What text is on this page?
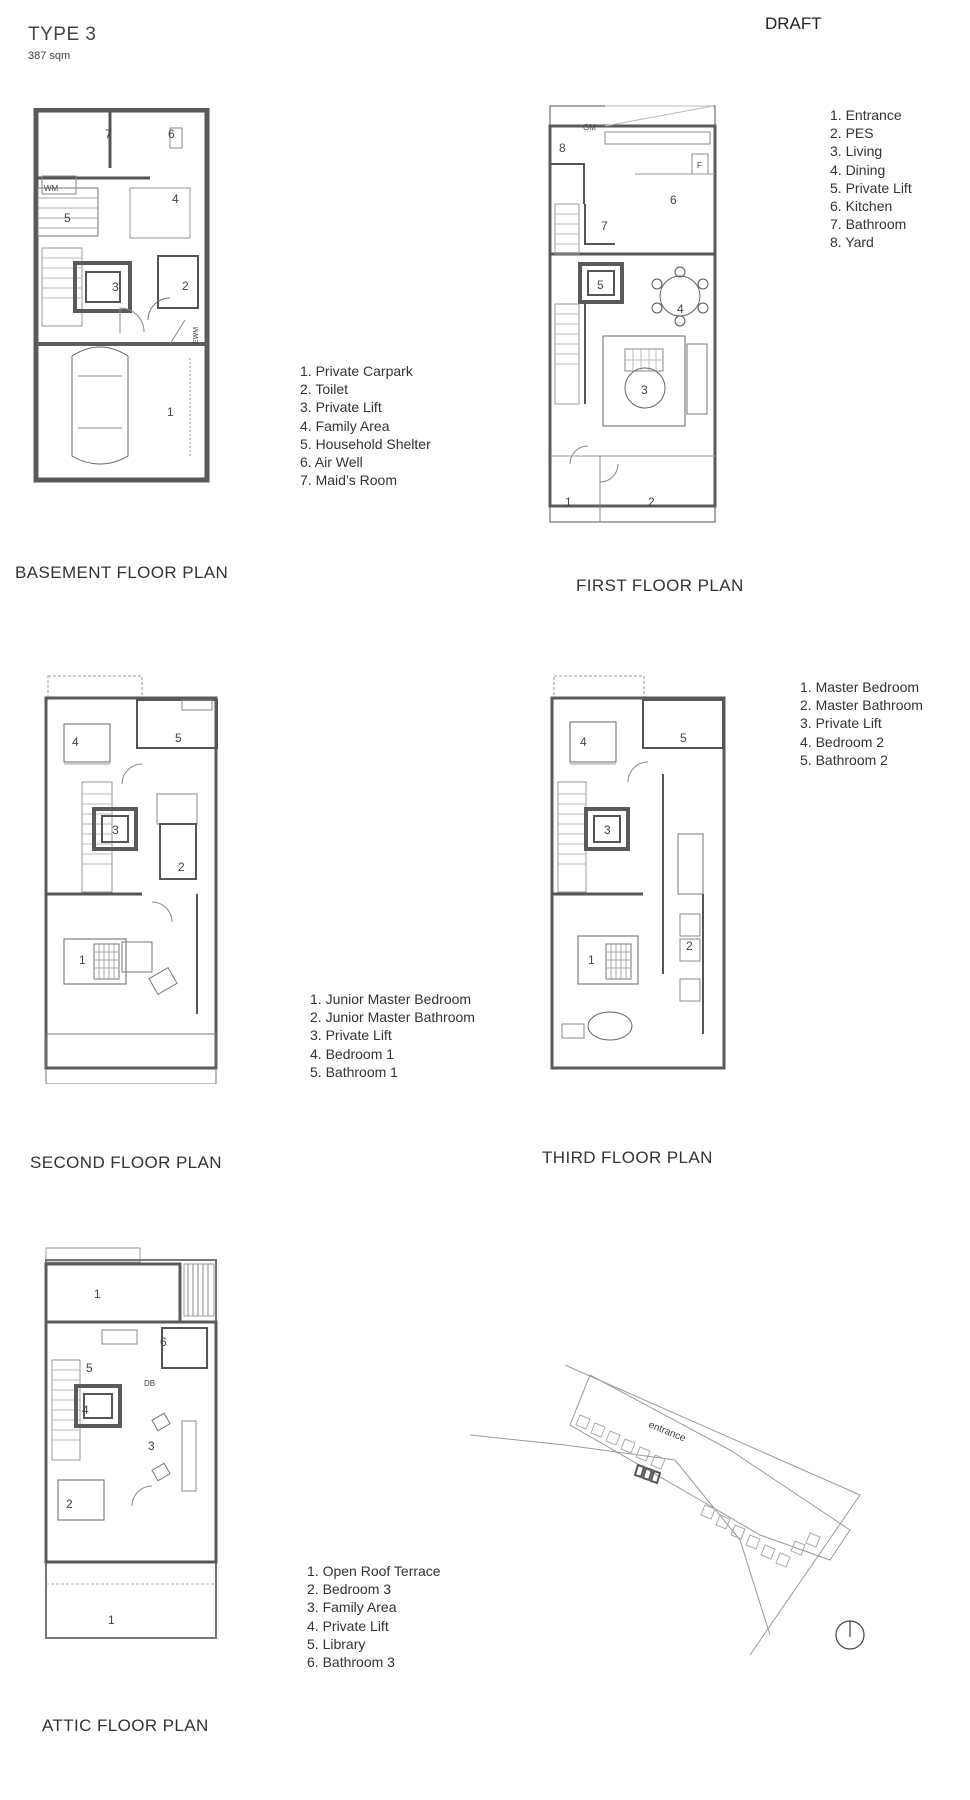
TYPE 3
387 sqm
DRAFT
7	6
4
5
3	2
1
WM
EWM
1. Private Carpark
2. Toilet
3. Private Lift
4. Family Area
5. Household Shelter
6. Air Well
7. Maid’s Room
BASEMENT FLOOR PLAN
4
3
5
6
7
8
1	2
GM
F
1. Entrance
2. PES
3. Living
4. Dining
5. Private Lift
6. Kitchen
7. Bathroom
8. Yard
FIRST FLOOR PLAN
4	5
3
2
1
1. Junior Master Bedroom
2. Junior Master Bathroom
3. Private Lift
4. Bedroom 1
5. Bathroom 1
SECOND FLOOR PLAN
4	5
3
2
1
1. Master Bedroom
2. Master Bathroom
3. Private Lift
4. Bedroom 2
5. Bathroom 2
THIRD FLOOR PLAN
1
5
6
4
3
2
1
DB
1. Open Roof Terrace
2. Bedroom 3
3. Family Area
4. Private Lift
5. Library
6. Bathroom 3
ATTIC FLOOR PLAN
entrance
